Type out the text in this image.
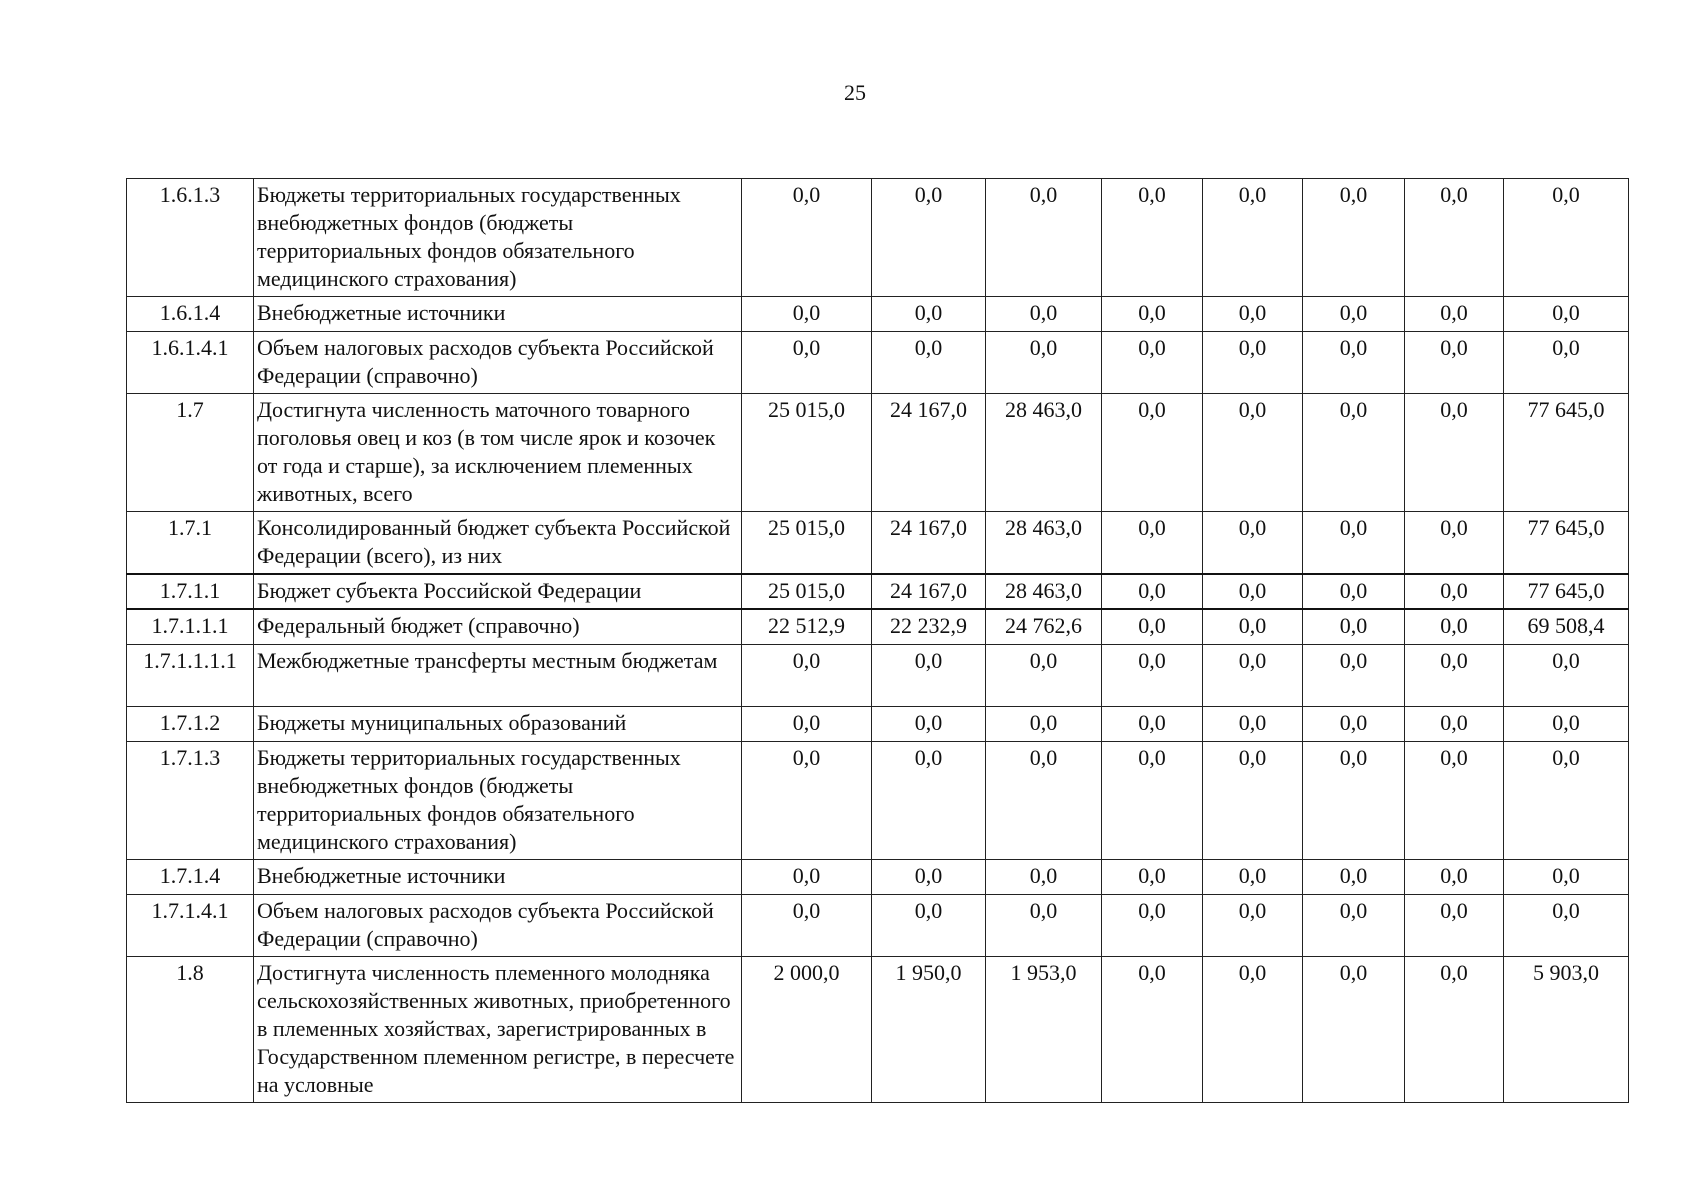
25
1.6.1.3	Бюджеты территориальных государственных внебюджетных фондов (бюджеты территориальных фондов обязательного медицинского страхования)	0,0	0,0	0,0	0,0	0,0	0,0	0,0	0,0
1.6.1.4	Внебюджетные источники	0,0	0,0	0,0	0,0	0,0	0,0	0,0	0,0
1.6.1.4.1	Объем налоговых расходов субъекта Российской Федерации (справочно)	0,0	0,0	0,0	0,0	0,0	0,0	0,0	0,0
1.7	Достигнута численность маточного товарного поголовья овец и коз (в том числе ярок и козочек от года и старше), за исключением племенных животных, всего	25 015,0	24 167,0	28 463,0	0,0	0,0	0,0	0,0	77 645,0
1.7.1	Консолидированный бюджет субъекта Российской Федерации (всего), из них	25 015,0	24 167,0	28 463,0	0,0	0,0	0,0	0,0	77 645,0
1.7.1.1	Бюджет субъекта Российской Федерации	25 015,0	24 167,0	28 463,0	0,0	0,0	0,0	0,0	77 645,0
1.7.1.1.1	Федеральный бюджет (справочно)	22 512,9	22 232,9	24 762,6	0,0	0,0	0,0	0,0	69 508,4
1.7.1.1.1.1	Межбюджетные трансферты местным бюджетам	0,0	0,0	0,0	0,0	0,0	0,0	0,0	0,0
1.7.1.2	Бюджеты муниципальных образований	0,0	0,0	0,0	0,0	0,0	0,0	0,0	0,0
1.7.1.3	Бюджеты территориальных государственных внебюджетных фондов (бюджеты территориальных фондов обязательного медицинского страхования)	0,0	0,0	0,0	0,0	0,0	0,0	0,0	0,0
1.7.1.4	Внебюджетные источники	0,0	0,0	0,0	0,0	0,0	0,0	0,0	0,0
1.7.1.4.1	Объем налоговых расходов субъекта Российской Федерации (справочно)	0,0	0,0	0,0	0,0	0,0	0,0	0,0	0,0
1.8	Достигнута численность племенного молодняка сельскохозяйственных животных, приобретенного в племенных хозяйствах, зарегистрированных в Государственном племенном регистре, в пересчете на условные	2 000,0	1 950,0	1 953,0	0,0	0,0	0,0	0,0	5 903,0
